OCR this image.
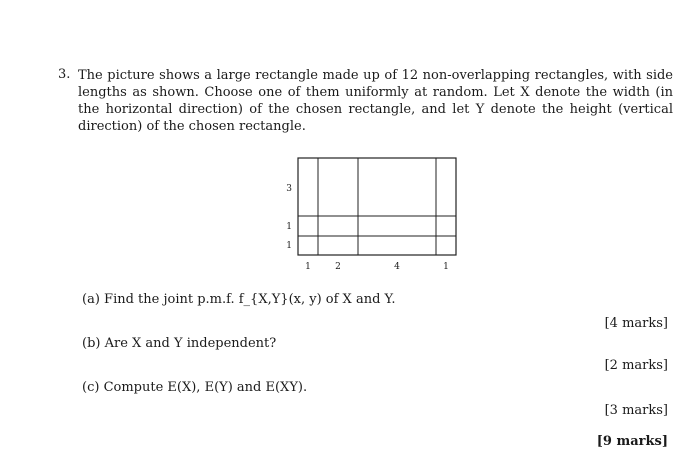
3. The picture shows a large rectangle made up of 12 non-overlapping rectangles, with side lengths as shown. Choose one of them uniformly at random. Let X denote the width (in the horizontal direction) of the chosen rectangle, and let Y denote the height (vertical direction) of the chosen rectangle.
3
1
1
1	2	4	1
(a) Find the joint p.m.f. f_{X,Y}(x, y) of X and Y.
[4 marks]
(b) Are X and Y independent?
[2 marks]
(c) Compute E(X), E(Y) and E(XY).
[3 marks]
[9 marks]
